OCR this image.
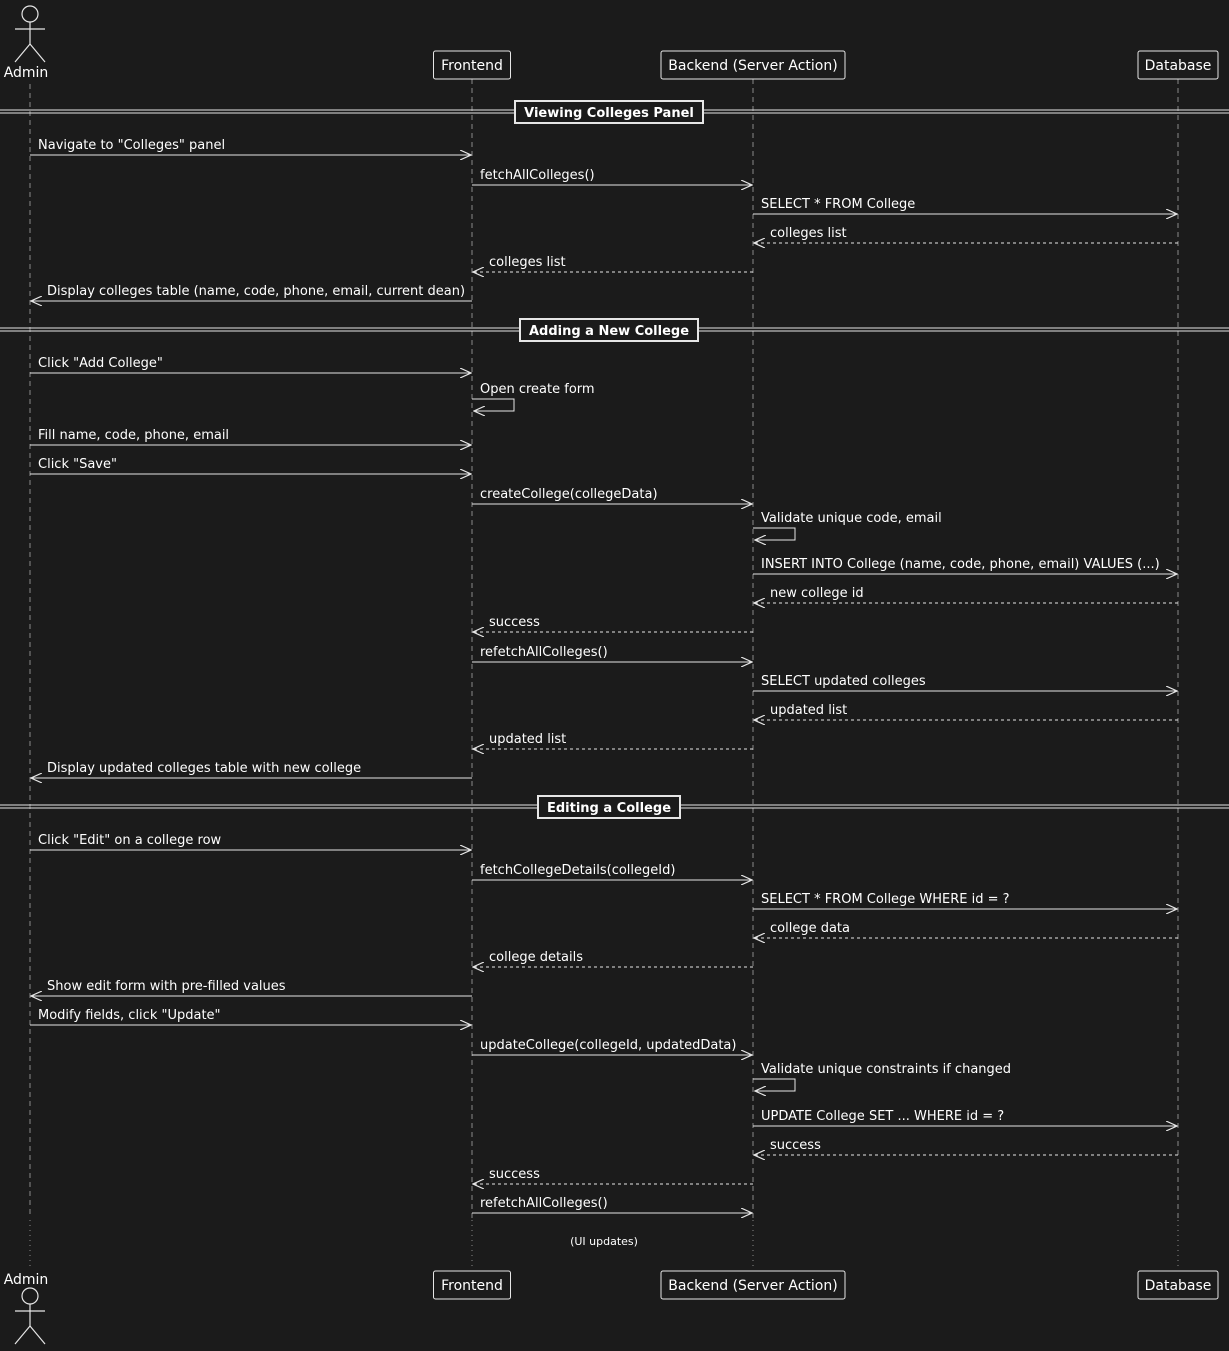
Viewing Colleges Panel
Adding a New College
Editing a College
Navigate to "Colleges" panel
fetchAllColleges()
SELECT * FROM College
colleges list
colleges list
Display colleges table (name, code, phone, email, current dean)
Click "Add College"
Open create form
Fill name, code, phone, email
Click "Save"
createCollege(collegeData)
Validate unique code, email
INSERT INTO College (name, code, phone, email) VALUES (...)
new college id
success
refetchAllColleges()
SELECT updated colleges
updated list
updated list
Display updated colleges table with new college
Click "Edit" on a college row
fetchCollegeDetails(collegeId)
SELECT * FROM College WHERE id = ?
college data
college details
Show edit form with pre-filled values
Modify fields, click "Update"
updateCollege(collegeId, updatedData)
Validate unique constraints if changed
UPDATE College SET ... WHERE id = ?
success
success
refetchAllColleges()
Admin
Admin
Frontend
Frontend
Backend (Server Action)
Backend (Server Action)
Database
Database
(UI updates)
